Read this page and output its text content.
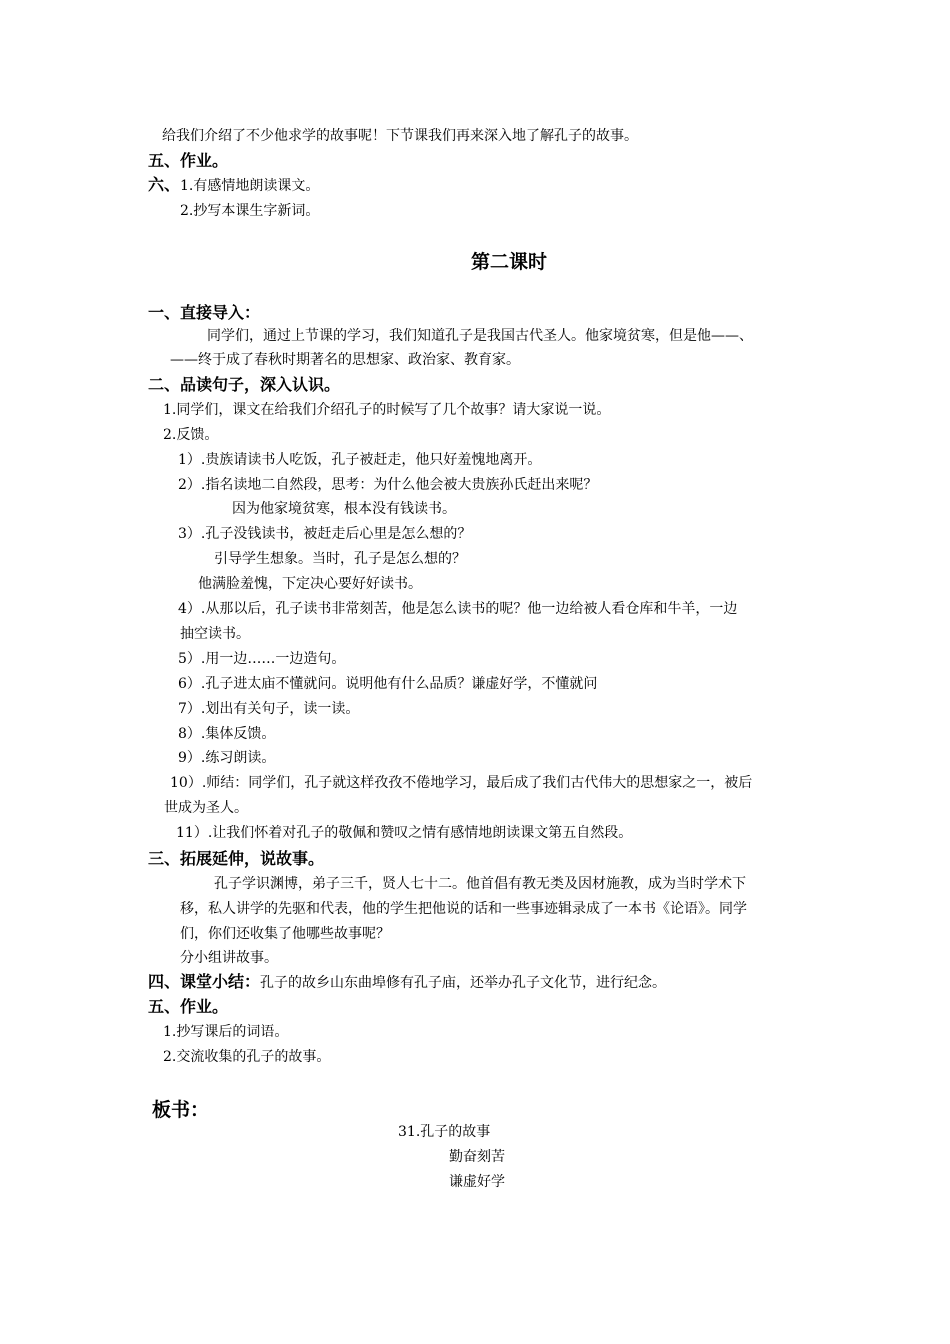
给我们介绍了不少他求学的故事呢！下节课我们再来深入地了解孔子的故事。
五、作业。
六、1.有感情地朗读课文。
2.抄写本课生字新词。
第二课时
一、直接导入：
同学们，通过上节课的学习，我们知道孔子是我国古代圣人。他家境贫寒，但是他——、
——终于成了春秋时期著名的思想家、政治家、教育家。
二、品读句子，深入认识。
1.同学们，课文在给我们介绍孔子的时候写了几个故事？请大家说一说。
2.反馈。
1）.贵族请读书人吃饭，孔子被赶走，他只好羞愧地离开。
2）.指名读地二自然段，思考：为什么他会被大贵族孙氏赶出来呢？
因为他家境贫寒，根本没有钱读书。
3）.孔子没钱读书，被赶走后心里是怎么想的？
引导学生想象。当时，孔子是怎么想的？
他满脸羞愧，下定决心要好好读书。
4）.从那以后，孔子读书非常刻苦，他是怎么读书的呢？他一边给被人看仓库和牛羊，一边
抽空读书。
5）.用一边……一边造句。
6）.孔子进太庙不懂就问。说明他有什么品质？谦虚好学，不懂就问
7）.划出有关句子，读一读。
8）.集体反馈。
9）.练习朗读。
10）.师结：同学们，孔子就这样孜孜不倦地学习，最后成了我们古代伟大的思想家之一，被后
世成为圣人。
11）.让我们怀着对孔子的敬佩和赞叹之情有感情地朗读课文第五自然段。
三、拓展延伸，说故事。
孔子学识渊博，弟子三千，贤人七十二。他首倡有教无类及因材施教，成为当时学术下
移，私人讲学的先驱和代表，他的学生把他说的话和一些事迹辑录成了一本书《论语》。同学
们，你们还收集了他哪些故事呢？
分小组讲故事。
四、课堂小结：孔子的故乡山东曲埠修有孔子庙，还举办孔子文化节，进行纪念。
五、作业。
1.抄写课后的词语。
2.交流收集的孔子的故事。
板书：
31.孔子的故事
勤奋刻苦
谦虚好学
